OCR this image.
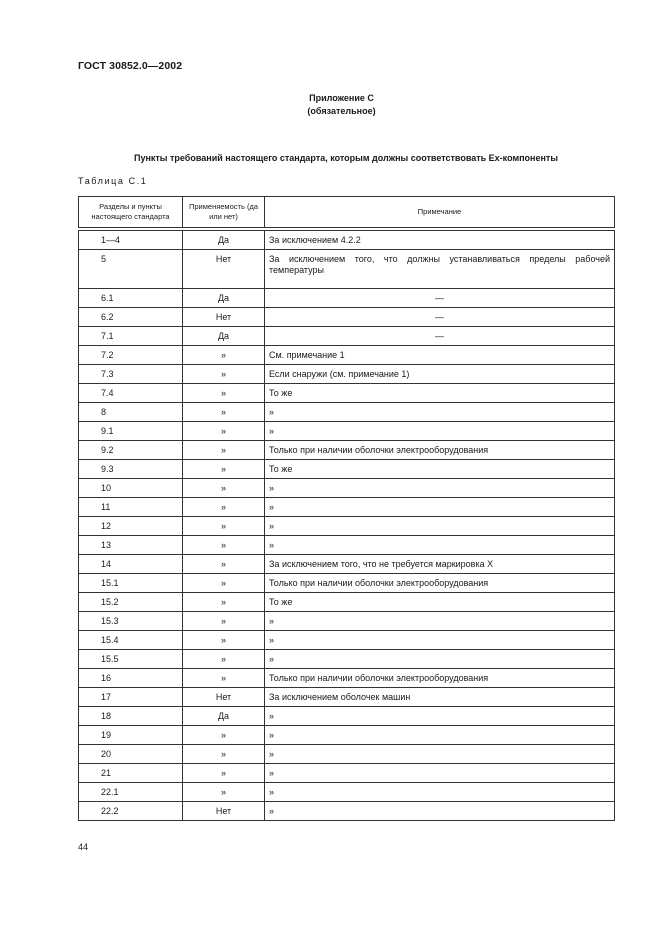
ГОСТ 30852.0—2002
Приложение С
(обязательное)
Пункты требований настоящего стандарта, которым должны соответствовать Ex-компоненты
Таблица С.1
Разделы и пункты настоящего стандарта	Применяемость (да или нет)	Примечание

1—4	Да	За исключением 4.2.2
5	Нет	За исключением того, что должны устанавливаться пределы рабочей температуры
6.1	Да	—
6.2	Нет	—
7.1	Да	—
7.2	»	См. примечание 1
7.3	»	Если снаружи (см. примечание 1)
7.4	»	То же
8	»	»
9.1	»	»
9.2	»	Только при наличии оболочки электрооборудования
9.3	»	То же
10	»	»
11	»	»
12	»	»
13	»	»
14	»	За исключением того, что не требуется маркировка X
15.1	»	Только при наличии оболочки электрооборудования
15.2	»	То же
15.3	»	»
15.4	»	»
15.5	»	»
16	»	Только при наличии оболочки электрооборудования
17	Нет	За исключением оболочек машин
18	Да	»
19	»	»
20	»	»
21	»	»
22.1	»	»
22.2	Нет	»
44
